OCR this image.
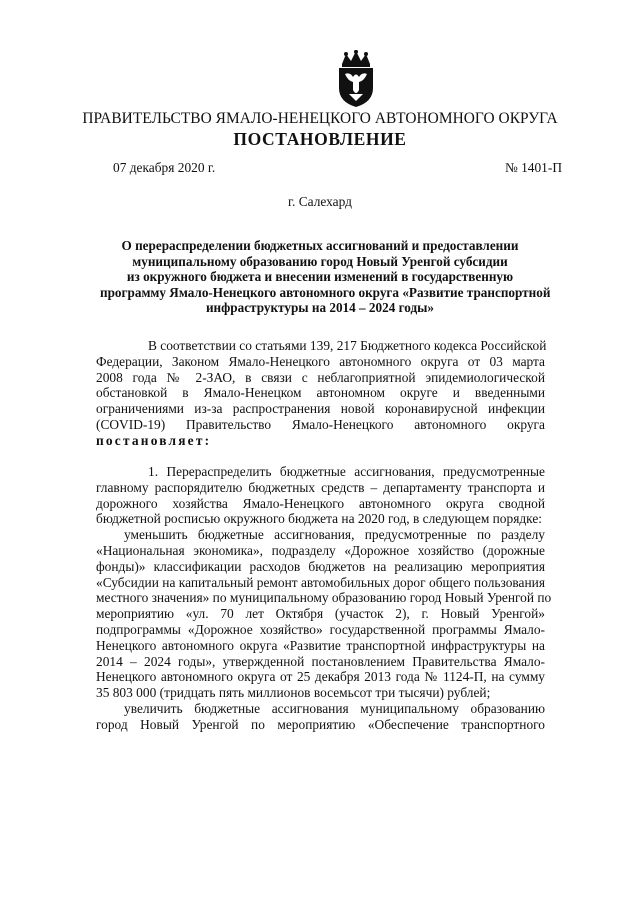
ПРАВИТЕЛЬСТВО ЯМАЛО-НЕНЕЦКОГО АВТОНОМНОГО ОКРУГА
ПОСТАНОВЛЕНИЕ
07 декабря 2020 г.	№ 1401-П
г. Салехард
О перераспределении бюджетных ассигнований и предоставлении
муниципальному образованию город Новый Уренгой субсидии
из окружного бюджета и внесении изменений в государственную
программу Ямало-Ненецкого автономного округа «Развитие транспортной
инфраструктуры на 2014 – 2024 годы»
В соответствии со статьями 139, 217 Бюджетного кодекса Российской
Федерации, Законом Ямало-Ненецкого автономного округа от 03 марта
2008 года № 2-ЗАО, в связи с неблагоприятной эпидемиологической
обстановкой в Ямало-Ненецком автономном округе и введенными
ограничениями из-за распространения новой коронавирусной инфекции
(COVID-19) Правительство Ямало-Ненецкого автономного округа
постановляет:
1. Перераспределить бюджетные ассигнования, предусмотренные
главному распорядителю бюджетных средств – департаменту транспорта и
дорожного хозяйства Ямало-Ненецкого автономного округа сводной
бюджетной росписью окружного бюджета на 2020 год, в следующем порядке:
уменьшить бюджетные ассигнования, предусмотренные по разделу
«Национальная экономика», подразделу «Дорожное хозяйство (дорожные
фонды)» классификации расходов бюджетов на реализацию мероприятия
«Субсидии на капитальный ремонт автомобильных дорог общего пользования
местного значения» по муниципальному образованию город Новый Уренгой по
мероприятию «ул. 70 лет Октября (участок 2), г. Новый Уренгой»
подпрограммы «Дорожное хозяйство» государственной программы Ямало-
Ненецкого автономного округа «Развитие транспортной инфраструктуры на
2014 – 2024 годы», утвержденной постановлением Правительства Ямало-
Ненецкого автономного округа от 25 декабря 2013 года № 1124-П, на сумму
35 803 000 (тридцать пять миллионов восемьсот три тысячи) рублей;
увеличить бюджетные ассигнования муниципальному образованию
город Новый Уренгой по мероприятию «Обеспечение транспортного
